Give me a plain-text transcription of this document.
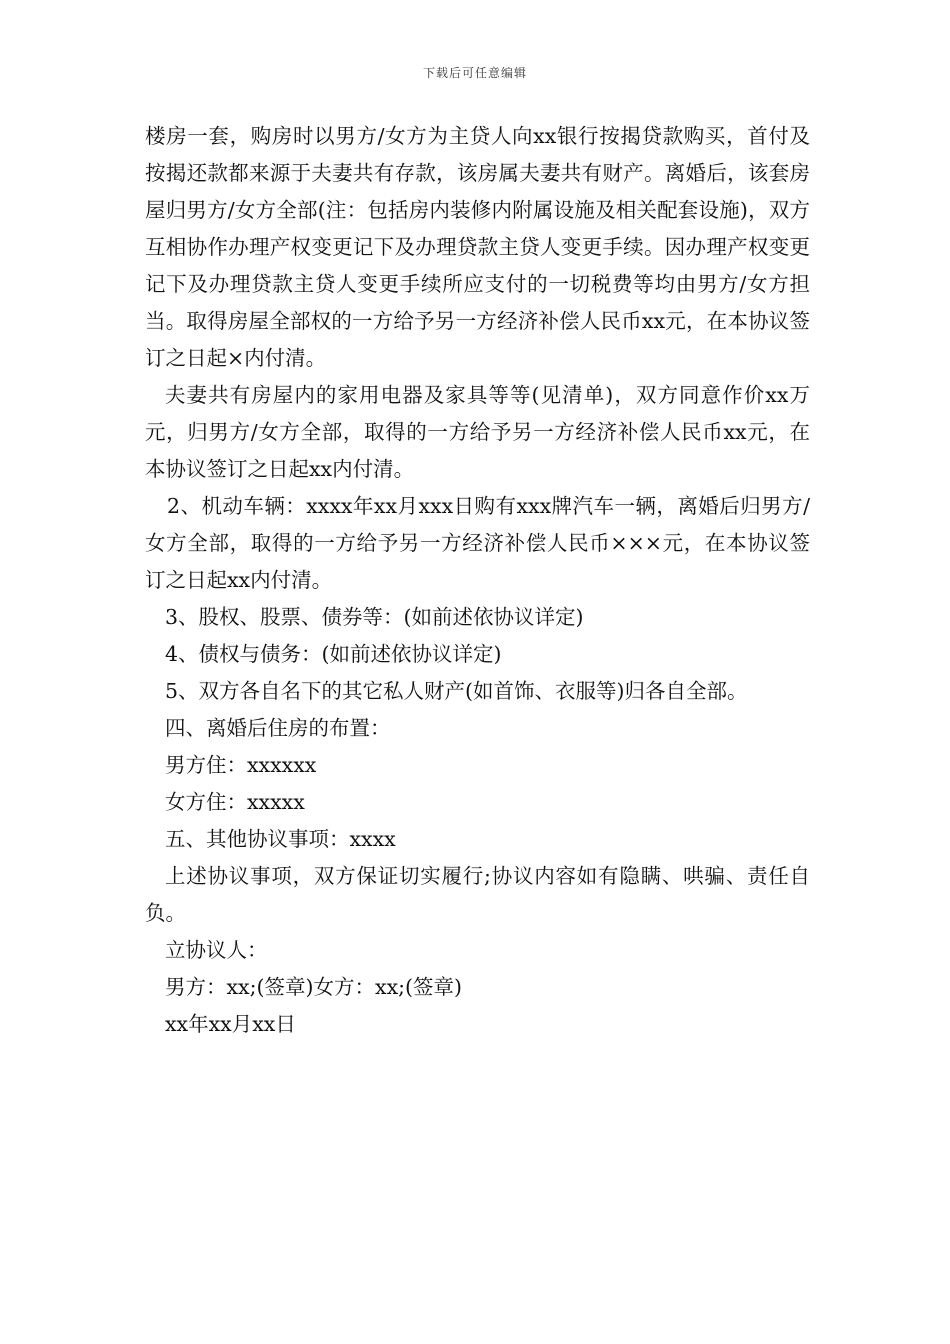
下载后可任意编辑

楼房一套，购房时以男方/女方为主贷人向xx银行按揭贷款购买，首付及按揭还款都来源于夫妻共有存款，该房属夫妻共有财产。离婚后，该套房屋归男方/女方全部(注：包括房内装修内附属设施及相关配套设施)，双方互相协作办理产权变更记下及办理贷款主贷人变更手续。因办理产权变更记下及办理贷款主贷人变更手续所应支付的一切税费等均由男方/女方担当。取得房屋全部权的一方给予另一方经济补偿人民币xx元，在本协议签订之日起×内付清。

夫妻共有房屋内的家用电器及家具等等(见清单)，双方同意作价xx万元，归男方/女方全部，取得的一方给予另一方经济补偿人民币xx元，在本协议签订之日起xx内付清。

2、机动车辆：xxxx年xx月xxx日购有xxx牌汽车一辆，离婚后归男方/女方全部，取得的一方给予另一方经济补偿人民币×××元，在本协议签订之日起xx内付清。

3、股权、股票、债券等：(如前述依协议详定)

4、债权与债务：(如前述依协议详定)

5、双方各自名下的其它私人财产(如首饰、衣服等)归各自全部。

四、离婚后住房的布置：

男方住：xxxxxx

女方住：xxxxx

五、其他协议事项：xxxx

上述协议事项，双方保证切实履行;协议内容如有隐瞒、哄骗、责任自负。

立协议人：

男方：xx;(签章)女方：xx;(签章)

xx年xx月xx日
